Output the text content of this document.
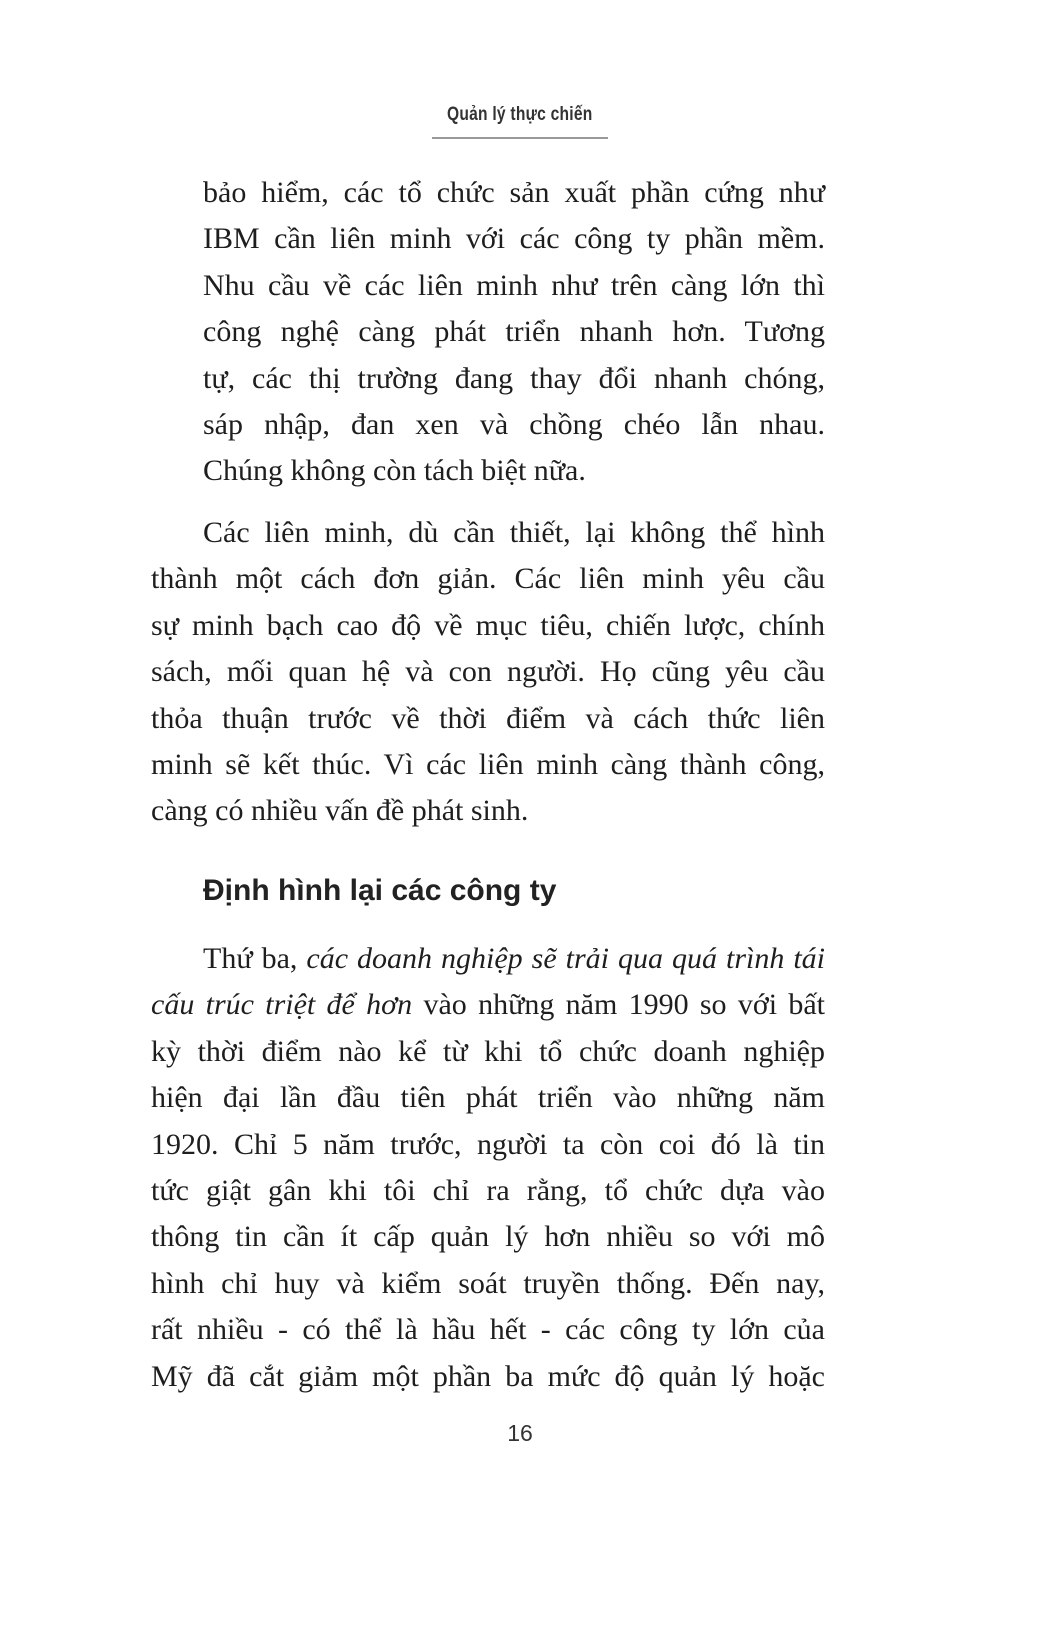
Quản lý thực chiến
bảo hiểm, các tổ chức sản xuất phần cứng như
IBM cần liên minh với các công ty phần mềm.
Nhu cầu về các liên minh như trên càng lớn thì
công nghệ càng phát triển nhanh hơn. Tương
tự, các thị trường đang thay đổi nhanh chóng,
sáp nhập, đan xen và chồng chéo lẫn nhau.
Chúng không còn tách biệt nữa.
Các liên minh, dù cần thiết, lại không thể hình
thành một cách đơn giản. Các liên minh yêu cầu
sự minh bạch cao độ về mục tiêu, chiến lược, chính
sách, mối quan hệ và con người. Họ cũng yêu cầu
thỏa thuận trước về thời điểm và cách thức liên
minh sẽ kết thúc. Vì các liên minh càng thành công,
càng có nhiều vấn đề phát sinh.
Định hình lại các công ty
Thứ ba, các doanh nghiệp sẽ trải qua quá trình tái
cấu trúc triệt để hơn vào những năm 1990 so với bất
kỳ thời điểm nào kể từ khi tổ chức doanh nghiệp
hiện đại lần đầu tiên phát triển vào những năm
1920. Chỉ 5 năm trước, người ta còn coi đó là tin
tức giật gân khi tôi chỉ ra rằng, tổ chức dựa vào
thông tin cần ít cấp quản lý hơn nhiều so với mô
hình chỉ huy và kiểm soát truyền thống. Đến nay,
rất nhiều - có thể là hầu hết - các công ty lớn của
Mỹ đã cắt giảm một phần ba mức độ quản lý hoặc
16
